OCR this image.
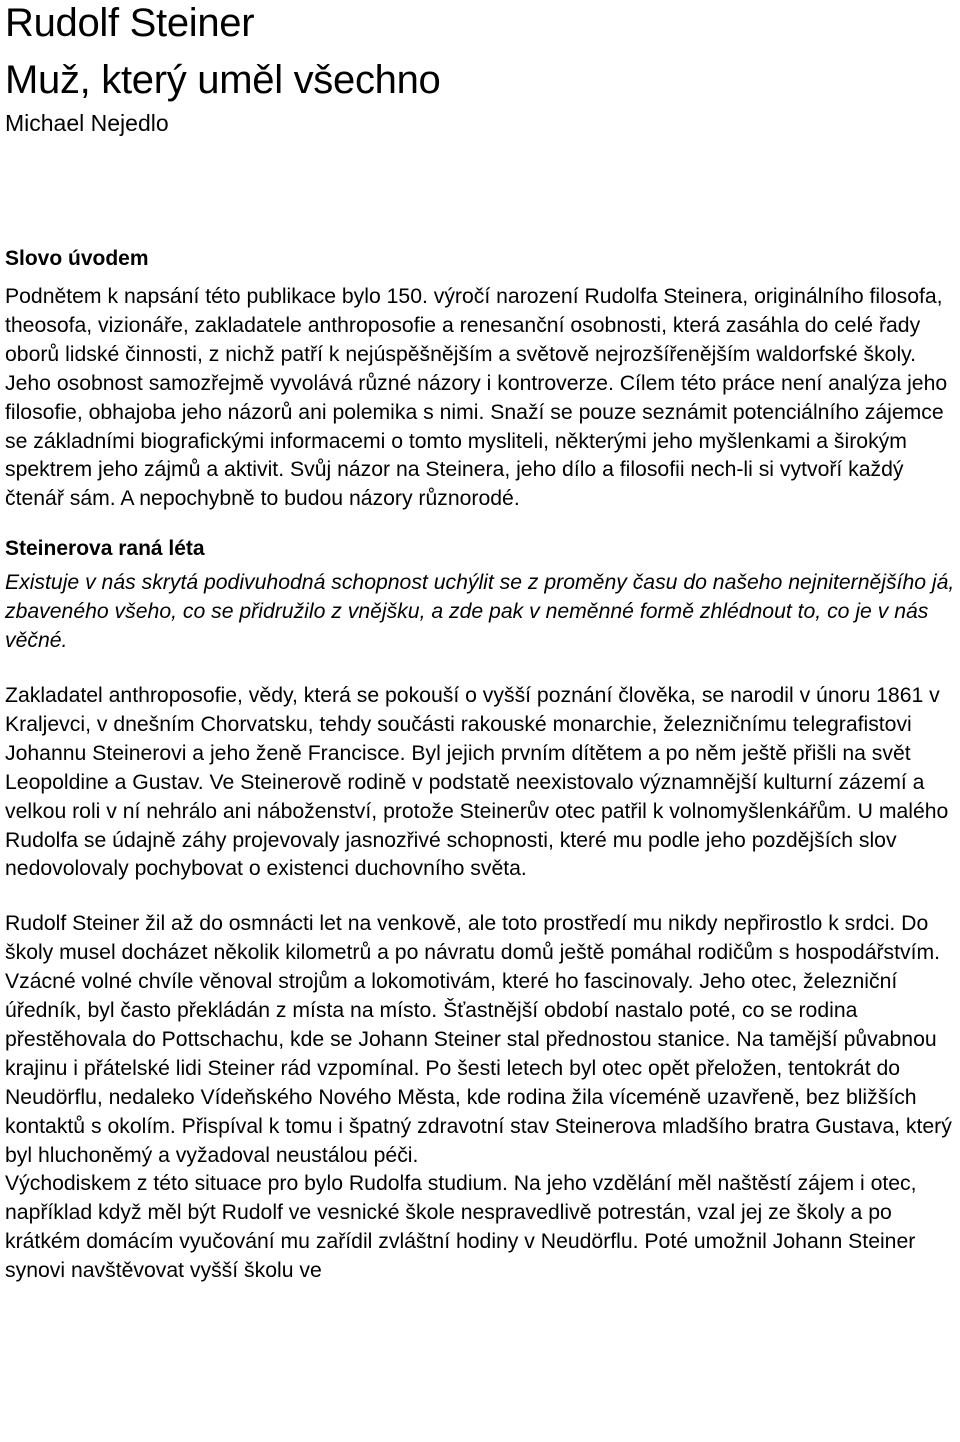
Rudolf Steiner
Muž, který uměl všechno
Michael Nejedlo
Slovo úvodem

Podnětem k napsání této publikace bylo 150. výročí narození Rudolfa Steinera, originálního filosofa, theosofa, vizionáře, zakladatele anthroposofie a renesanční osobnosti, která zasáhla do celé řady oborů lidské činnosti, z nichž patří k nejúspěšnějším a světově nejrozšířenějším waldorfské školy. Jeho osobnost samozřejmě vyvolává různé názory i kontroverze. Cílem této práce není analýza jeho filosofie, obhajoba jeho názorů ani polemika s nimi. Snaží se pouze seznámit potenciálního zájemce se základními biografickými informacemi o tomto mysliteli, některými jeho myšlenkami a širokým spektrem jeho zájmů a aktivit. Svůj názor na Steinera, jeho dílo a filosofii nech-li si vytvoří každý čtenář sám. A nepochybně to budou názory různorodé.

Steinerova raná léta

Existuje v nás skrytá podivuhodná schopnost uchýlit se z proměny času do našeho nejniternějšího já, zbaveného všeho, co se přidružilo z vnějšku, a zde pak v neměnné formě zhlédnout to, co je v nás věčné.

Zakladatel anthroposofie, vědy, která se pokouší o vyšší poznání člověka, se narodil v únoru 1861 v Kraljevci, v dnešním Chorvatsku, tehdy součásti rakouské monarchie, železničnímu telegrafistovi Johannu Steinerovi a jeho ženě Francisce. Byl jejich prvním dítětem a po něm ještě přišli na svět Leopoldine a Gustav. Ve Steinerově rodině v podstatě neexistovalo významnější kulturní zázemí a velkou roli v ní nehrálo ani náboženství, protože Steinerův otec patřil k volnomyšlenkářům. U malého Rudolfa se údajně záhy projevovaly jasnozřivé schopnosti, které mu podle jeho pozdějších slov nedovolovaly pochybovat o existenci duchovního světa.

Rudolf Steiner žil až do osmnácti let na venkově, ale toto prostředí mu nikdy nepřirostlo k srdci. Do školy musel docházet několik kilometrů a po návratu domů ještě pomáhal rodičům s hospodářstvím. Vzácné volné chvíle věnoval strojům a lokomotivám, které ho fascinovaly. Jeho otec, železniční úředník, byl často překládán z místa na místo. Šťastnější období nastalo poté, co se rodina přestěhovala do Pottschachu, kde se Johann Steiner stal přednostou stanice. Na tamější půvabnou krajinu i přátelské lidi Steiner rád vzpomínal. Po šesti letech byl otec opět přeložen, tentokrát do Neudörflu, nedaleko Vídeňského Nového Města, kde rodina žila víceméně uzavřeně, bez bližších kontaktů s okolím. Přispíval k tomu i špatný zdravotní stav Steinerova mladšího bratra Gustava, který byl hluchoněmý a vyžadoval neustálou péči.

Východiskem z této situace pro bylo Rudolfa studium. Na jeho vzdělání měl naštěstí zájem i otec, například když měl být Rudolf ve vesnické škole nespravedlivě potrestán, vzal jej ze školy a po krátkém domácím vyučování mu zařídil zvláštní hodiny v Neudörflu. Poté umožnil Johann Steiner synovi navštěvovat vyšší školu ve
